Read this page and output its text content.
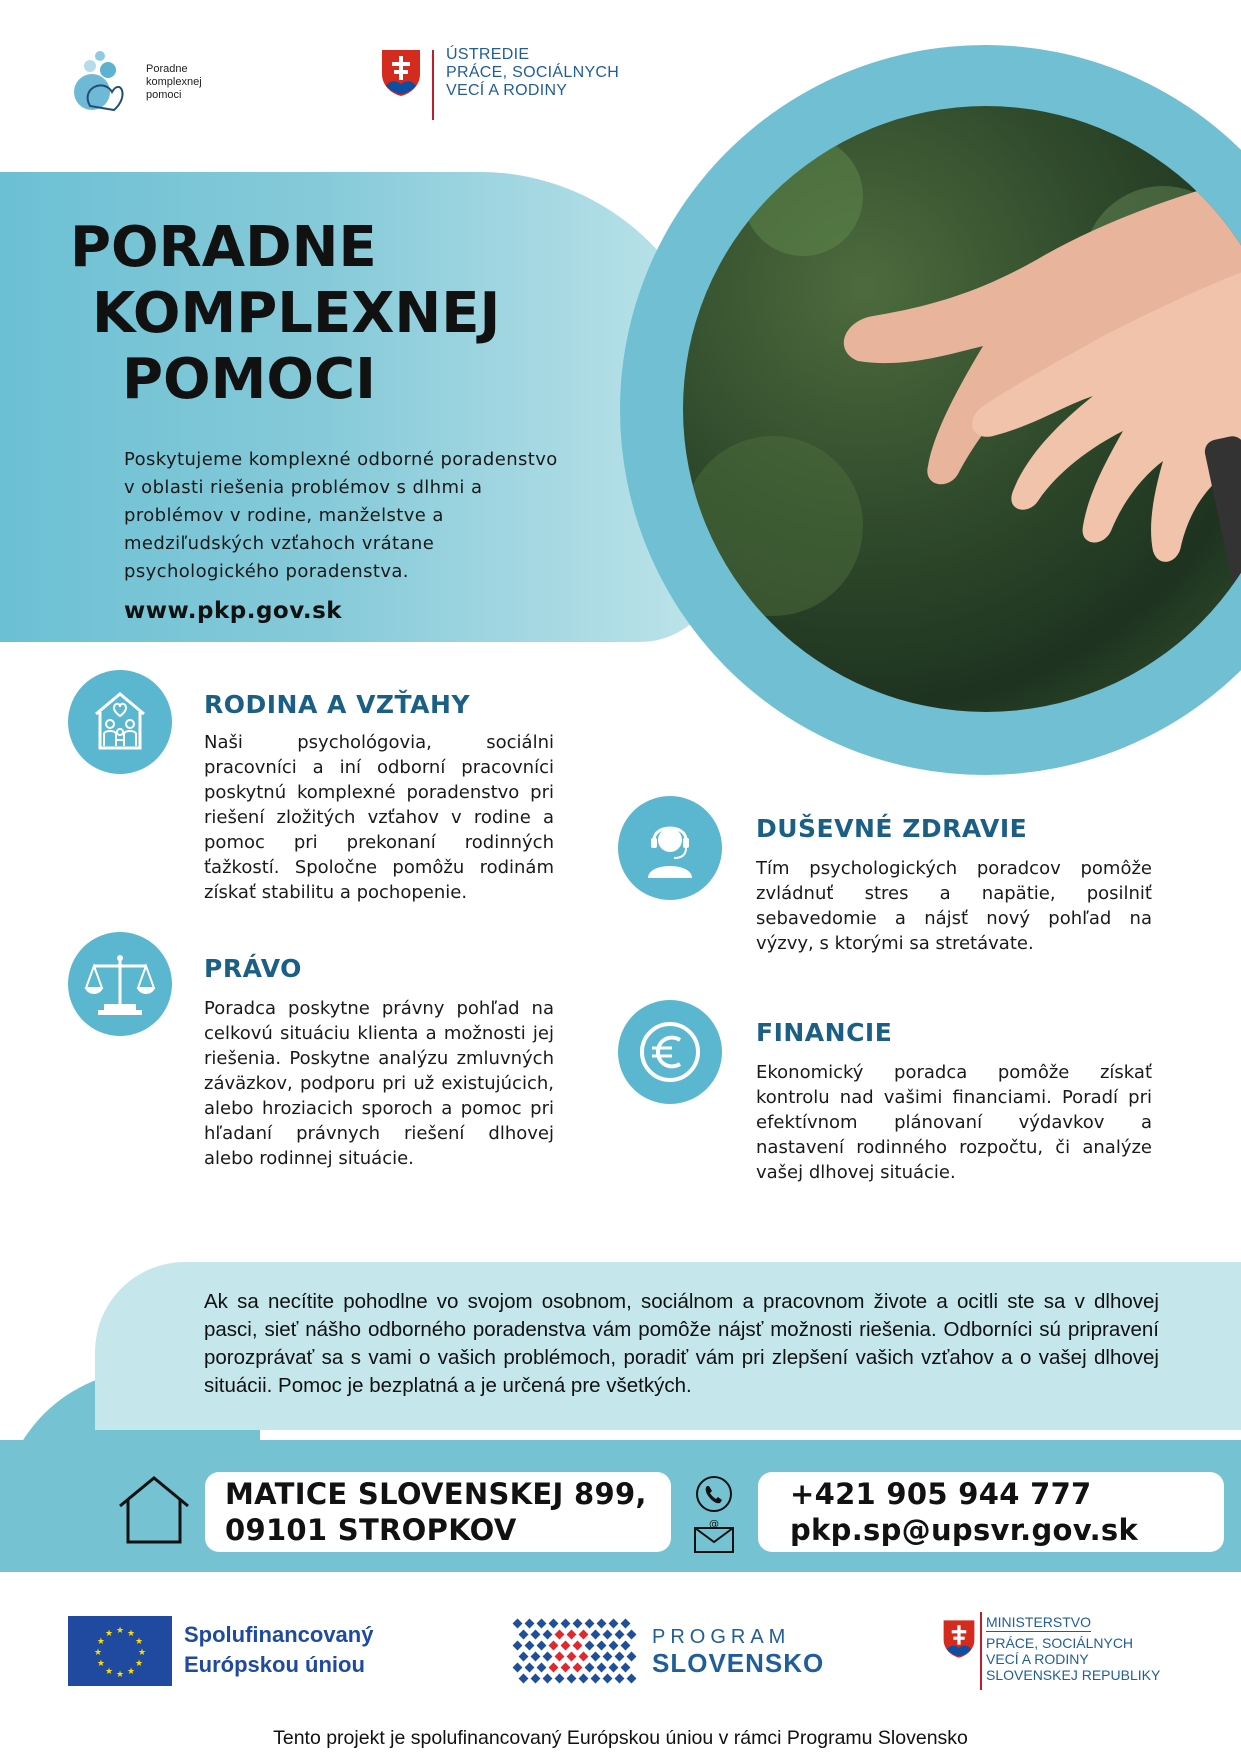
Poradne
komplexnej
pomoci
ÚSTREDIE
PRÁCE, SOCIÁLNYCH
VECÍ A RODINY
PORADNE
KOMPLEXNEJ
POMOCI
Poskytujeme komplexné odborné poradenstvo v oblasti riešenia problémov s dlhmi a problémov v rodine, manželstve a medziľudských vzťahoch vrátane psychologického poradenstva.
www.pkp.gov.sk
RODINA A VZŤAHY
Naši psychológovia, sociálni pracovníci a iní odborní pracovníci poskytnú komplexné poradenstvo pri riešení zložitých vzťahov v rodine a pomoc pri prekonaní rodinných ťažkostí. Spoločne pomôžu rodinám získať stabilitu a pochopenie.
PRÁVO
Poradca poskytne právny pohľad na celkovú situáciu klienta a možnosti jej riešenia. Poskytne analýzu zmluvných záväzkov, podporu pri už existujúcich, alebo hroziacich sporoch a pomoc pri hľadaní právnych riešení dlhovej alebo rodinnej situácie.
DUŠEVNÉ ZDRAVIE
Tím psychologických poradcov pomôže zvládnuť stres a napätie, posilniť sebavedomie a nájsť nový pohľad na výzvy, s ktorými sa stretávate.
FINANCIE
Ekonomický poradca pomôže získať kontrolu nad vašimi financiami. Poradí pri efektívnom plánovaní výdavkov a nastavení rodinného rozpočtu, či analýze vašej dlhovej situácie.
Ak sa necítite pohodlne vo svojom osobnom, sociálnom a pracovnom živote a ocitli ste sa v dlhovej pasci, sieť nášho odborného poradenstva vám pomôže nájsť možnosti riešenia. Odborníci sú pripravení porozprávať sa s vami o vašich problémoch, poradiť vám pri zlepšení vašich vzťahov a o vašej dlhovej situácii. Pomoc je bezplatná a je určená pre všetkých.
MATICE SLOVENSKEJ 899,
09101 STROPKOV	@
+421 905 944 777
pkp.sp@upsvr.gov.sk
★
★
★
★
★
★
★
★
★ ★ ★
★ Spolufinancovaný
Európskou úniou
PROGRAM
SLOVENSKO
MINISTERSTVO
PRÁCE, SOCIÁLNYCH
VECÍ A RODINY
SLOVENSKEJ REPUBLIKY
Tento projekt je spolufinancovaný Európskou úniou v rámci Programu Slovensko
